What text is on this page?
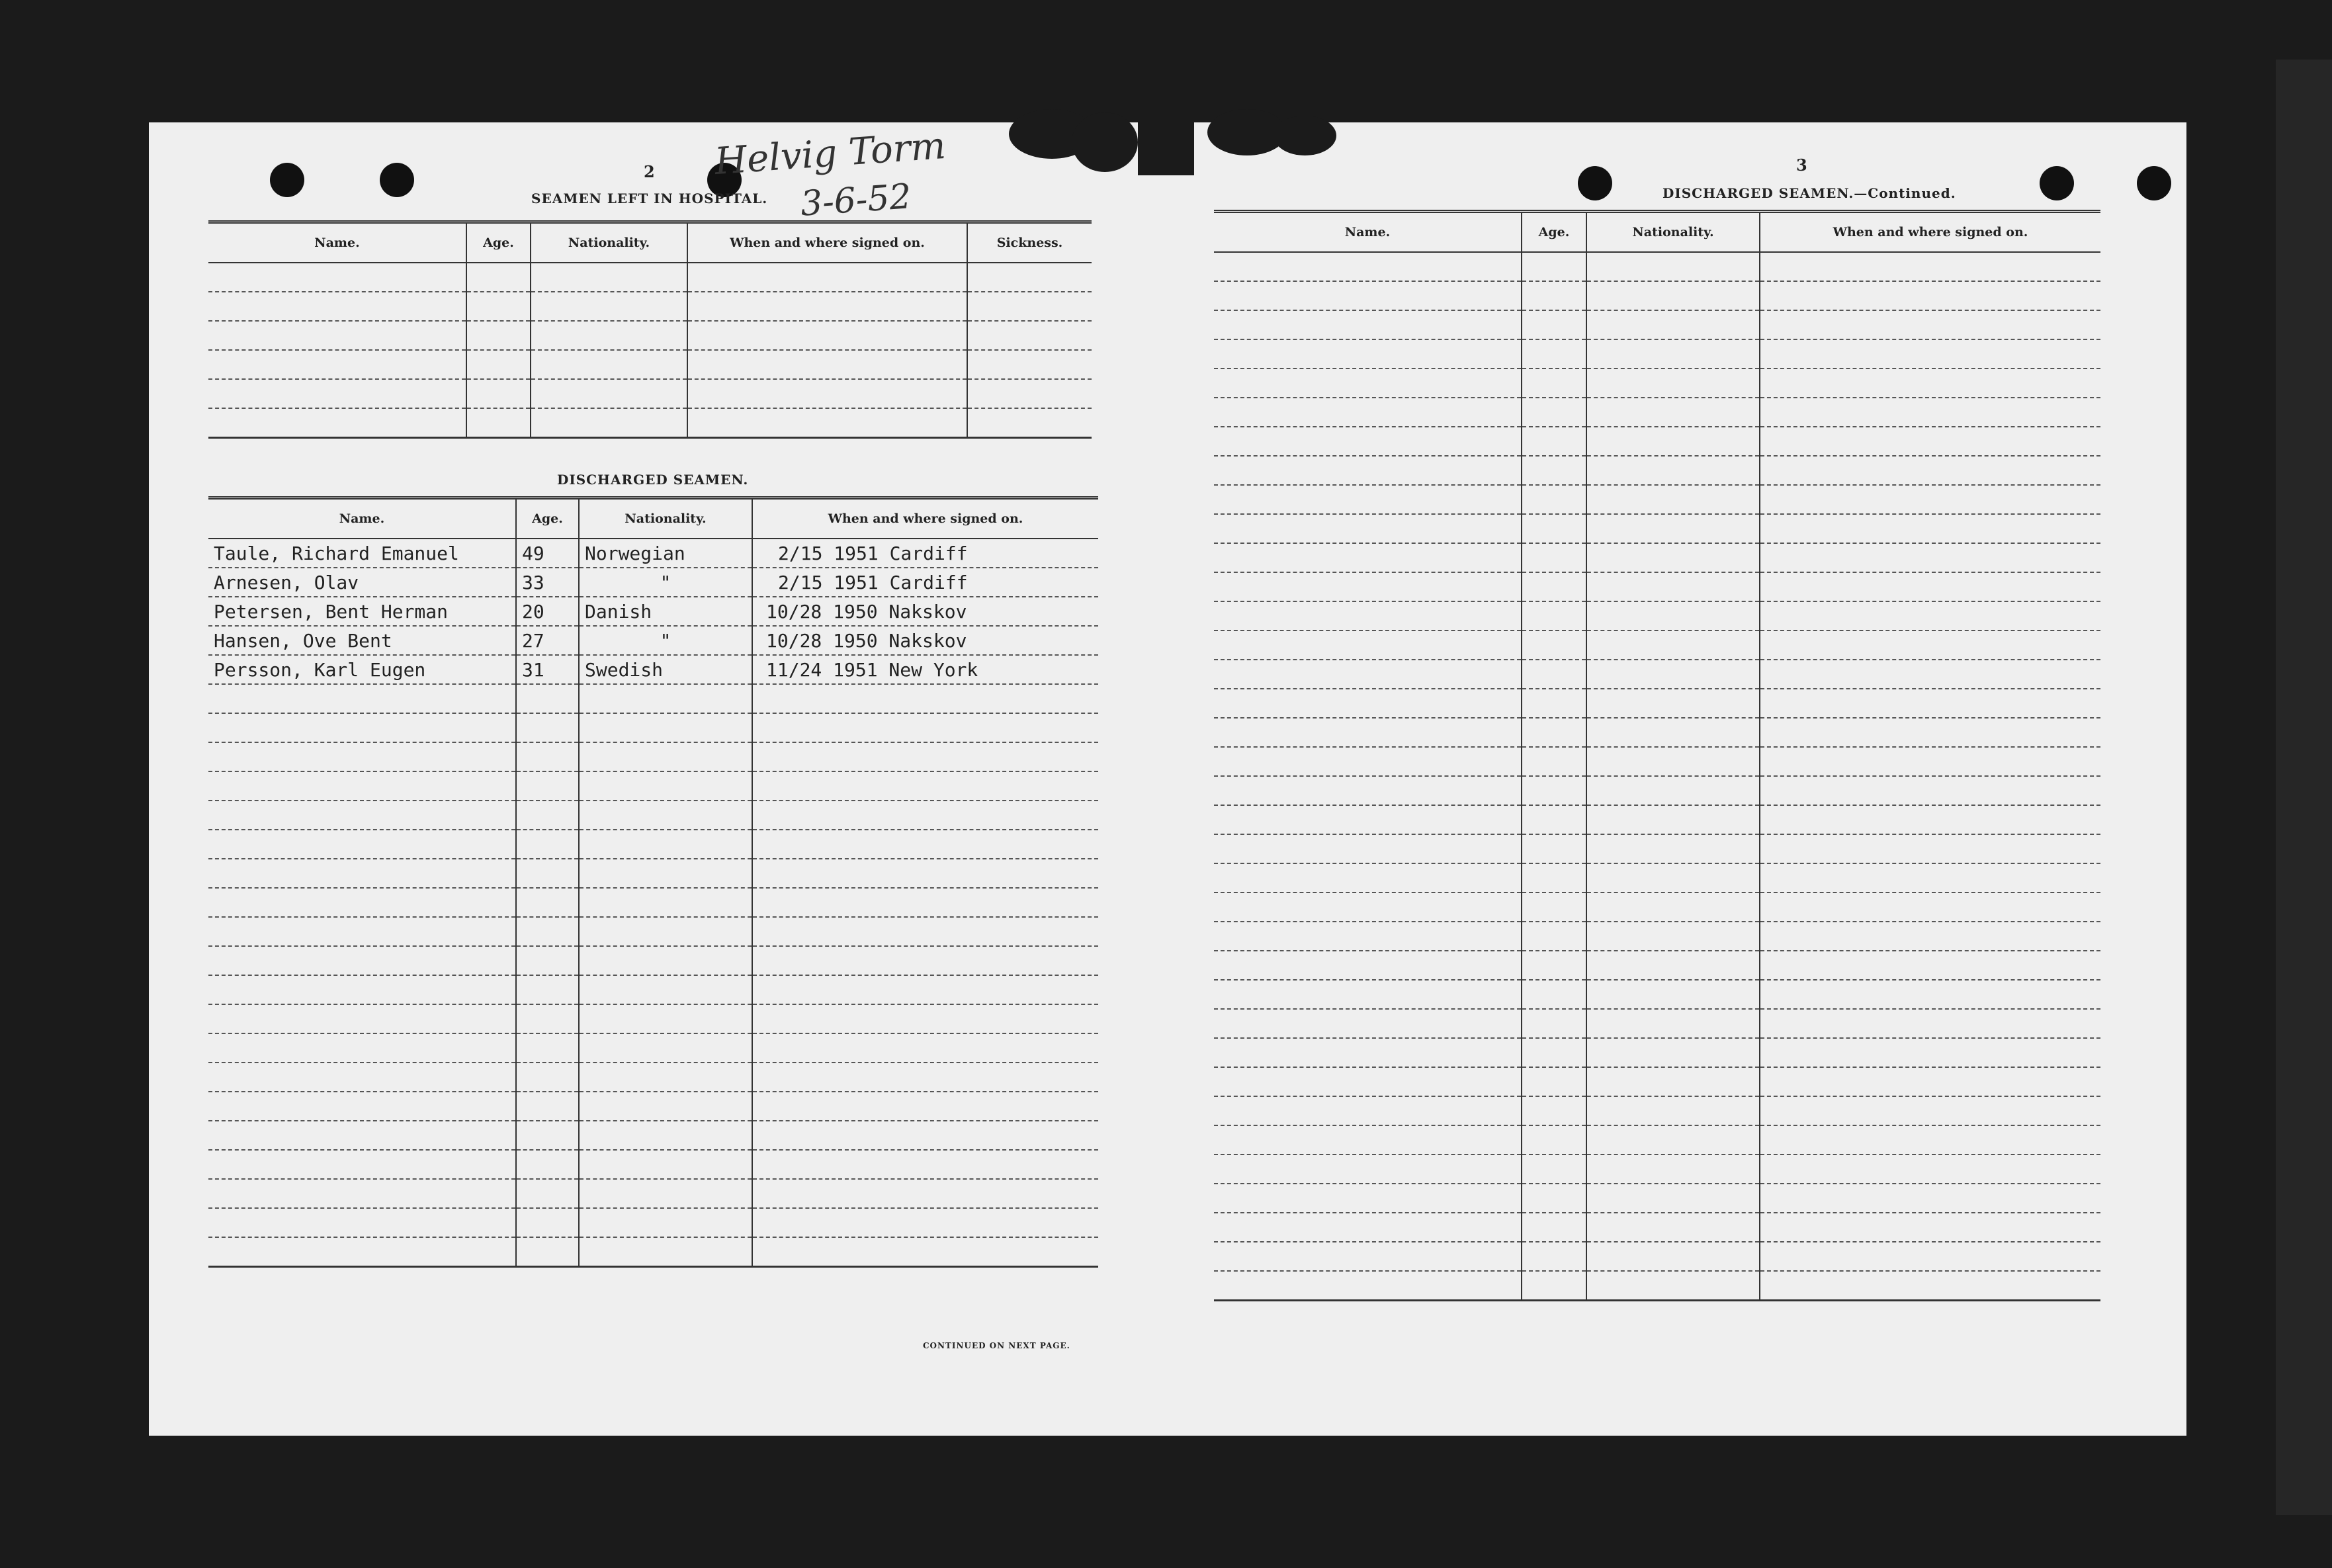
2
SEAMEN LEFT IN HOSPITAL.
Helvig Torm
3-6-52
Name.	Age.	Nationality.	When and where signed on.	Sickness.

DISCHARGED SEAMEN.
Name.	Age.	Nationality.	When and where signed on.
Taule, Richard Emanuel	49	Norwegian	2/15 1951 Cardiff
Arnesen, Olav	33	"	2/15 1951 Cardiff
Petersen, Bent Herman	20	Danish	10/28 1950 Nakskov
Hansen, Ove Bent	27	"	10/28 1950 Nakskov
Persson, Karl Eugen	31	Swedish	11/24 1951 New York

CONTINUED ON NEXT PAGE.
3
DISCHARGED SEAMEN.—Continued.
Name.	Age.	Nationality.	When and where signed on.
